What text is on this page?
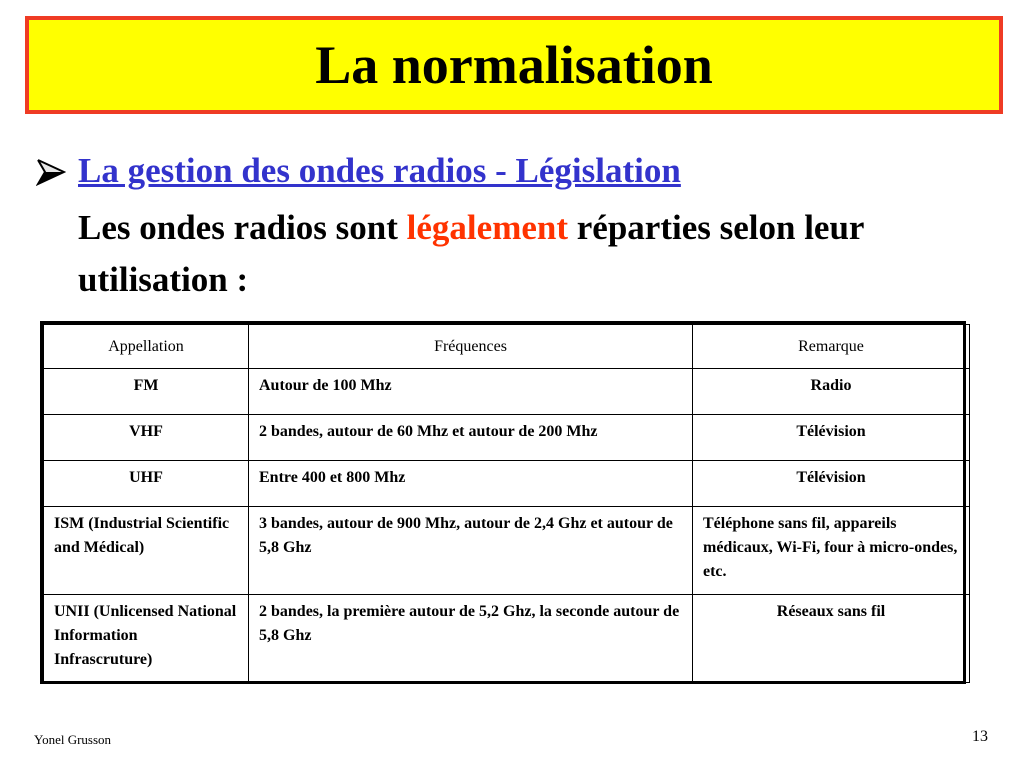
La normalisation
La gestion des ondes radios - Législation
Les ondes radios sont légalement réparties selon leur utilisation :
Appellation	Fréquences	Remarque
FM	Autour de 100 Mhz	Radio
VHF	2 bandes, autour de 60 Mhz et autour de 200 Mhz	Télévision
UHF	Entre 400 et 800 Mhz	Télévision
ISM (Industrial Scientific and Médical)	3 bandes, autour de 900 Mhz, autour de 2,4 Ghz et autour de 5,8 Ghz	Téléphone sans fil, appareils médicaux, Wi-Fi, four à micro-ondes, etc.
UNII (Unlicensed National Information Infrascruture)	2 bandes, la première autour de 5,2 Ghz, la seconde autour de 5,8 Ghz	Réseaux sans fil
Yonel Grusson	13
